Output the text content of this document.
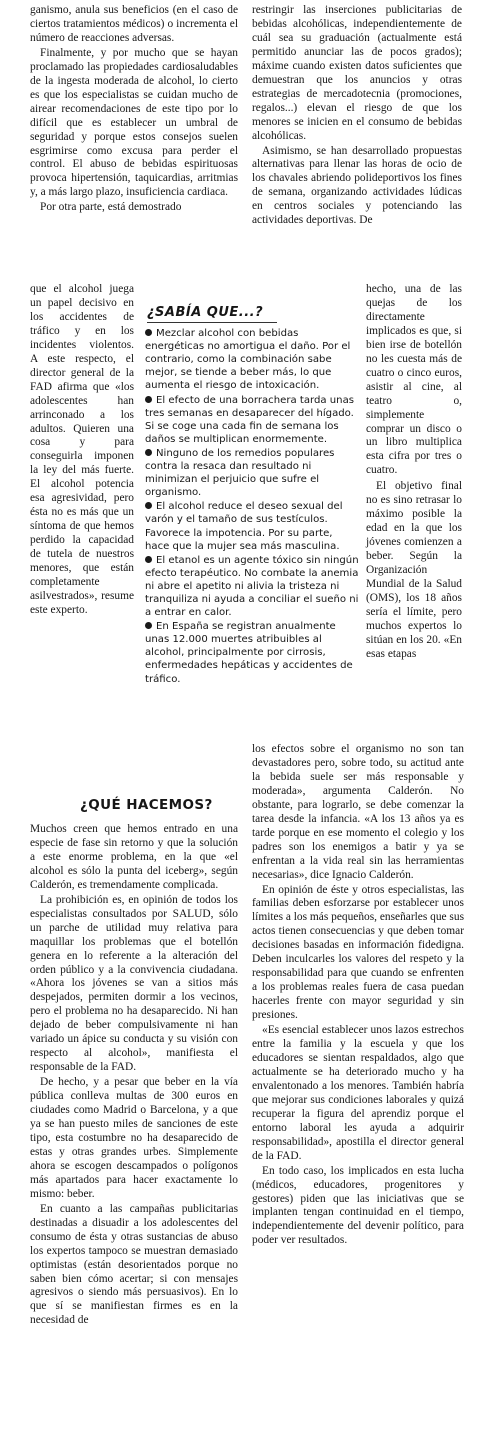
ganismo, anula sus beneficios (en el caso de ciertos tratamientos médicos) o incrementa el número de reacciones adversas.

Finalmente, y por mucho que se hayan proclamado las propiedades cardiosaludables de la ingesta moderada de alcohol, lo cierto es que los especialistas se cuidan mucho de airear recomendaciones de este tipo por lo difícil que es establecer un umbral de seguridad y porque estos consejos suelen esgrimirse como excusa para perder el control. El abuso de bebidas espirituosas provoca hipertensión, taquicardias, arritmias y, a más largo plazo, insuficiencia cardiaca.

Por otra parte, está demostrado

que el alcohol juega un papel decisivo en los accidentes de tráfico y en los incidentes violentos. A este respecto, el director general de la FAD afirma que «los adolescentes han arrinconado a los adultos. Quieren una cosa y para conseguirla imponen la ley del más fuerte. El alcohol potencia esa agresividad, pero ésta no es más que un síntoma de que hemos perdido la capacidad de tutela de nuestros menores, que están completamente asilvestrados», resume este experto.

restringir las inserciones publicitarias de bebidas alcohólicas, independientemente de cuál sea su graduación (actualmente está permitido anunciar las de pocos grados); máxime cuando existen datos suficientes que demuestran que los anuncios y otras estrategias de mercadotecnia (promociones, regalos...) elevan el riesgo de que los menores se inicien en el consumo de bebidas alcohólicas.

Asimismo, se han desarrollado propuestas alternativas para llenar las horas de ocio de los chavales abriendo polideportivos los fines de semana, organizando actividades lúdicas en centros sociales y potenciando las actividades deportivas. De

hecho, una de las quejas de los directamente implicados es que, si bien irse de botellón no les cuesta más de cuatro o cinco euros, asistir al cine, al teatro o, simplemente comprar un disco o un libro multiplica esta cifra por tres o cuatro.
El objetivo final no es sino retrasar lo máximo posible la edad en la que los jóvenes comienzen a beber. Según la Organización Mundial de la Salud (OMS), los 18 años sería el límite, pero muchos expertos lo sitúan en los 20. «En esas etapas
¿SABÍA QUE...?
Mezclar alcohol con bebidas energéticas no amortigua el daño. Por el contrario, como la combinación sabe mejor, se tiende a beber más, lo que aumenta el riesgo de intoxicación.
El efecto de una borrachera tarda unas tres semanas en desaparecer del hígado. Si se coge una cada fin de semana los daños se multiplican enormemente.
Ninguno de los remedios populares contra la resaca dan resultado ni minimizan el perjuicio que sufre el organismo.
El alcohol reduce el deseo sexual del varón y el tamaño de sus testículos. Favorece la impotencia. Por su parte, hace que la mujer sea más masculina.
El etanol es un agente tóxico sin ningún efecto terapéutico. No combate la anemia ni abre el apetito ni alivia la tristeza ni tranquiliza ni ayuda a conciliar el sueño ni a entrar en calor.
En España se registran anualmente unas 12.000 muertes atribuibles al alcohol, principalmente por cirrosis, enfermedades hepáticas y accidentes de tráfico.
¿QUÉ HACEMOS?

Muchos creen que hemos entrado en una especie de fase sin retorno y que la solución a este enorme problema, en la que «el alcohol es sólo la punta del iceberg», según Calderón, es tremendamente complicada.

La prohibición es, en opinión de todos los especialistas consultados por SALUD, sólo un parche de utilidad muy relativa para maquillar los problemas que el botellón genera en lo referente a la alteración del orden público y a la convivencia ciudadana. «Ahora los jóvenes se van a sitios más despejados, permiten dormir a los vecinos, pero el problema no ha desaparecido. Ni han dejado de beber compulsivamente ni han variado un ápice su conducta y su visión con respecto al alcohol», manifiesta el responsable de la FAD.

De hecho, y a pesar que beber en la vía pública conlleva multas de 300 euros en ciudades como Madrid o Barcelona, y a que ya se han puesto miles de sanciones de este tipo, esta costumbre no ha desaparecido de estas y otras grandes urbes. Simplemente ahora se escogen descampados o polígonos más apartados para hacer exactamente lo mismo: beber.

En cuanto a las campañas publicitarias destinadas a disuadir a los adolescentes del consumo de ésta y otras sustancias de abuso los expertos tampoco se muestran demasiado optimistas (están desorientados porque no saben bien cómo acertar; si con mensajes agresivos o siendo más persuasivos). En lo que sí se manifiestan firmes es en la necesidad de

los efectos sobre el organismo no son tan devastadores pero, sobre todo, su actitud ante la bebida suele ser más responsable y moderada», argumenta Calderón. No obstante, para lograrlo, se debe comenzar la tarea desde la infancia. «A los 13 años ya es tarde porque en ese momento el colegio y los padres son los enemigos a batir y ya se enfrentan a la vida real sin las herramientas necesarias», dice Ignacio Calderón.

En opinión de éste y otros especialistas, las familias deben esforzarse por establecer unos límites a los más pequeños, enseñarles que sus actos tienen consecuencias y que deben tomar decisiones basadas en información fidedigna. Deben inculcarles los valores del respeto y la responsabilidad para que cuando se enfrenten a los problemas reales fuera de casa puedan hacerles frente con mayor seguridad y sin presiones.

«Es esencial establecer unos lazos estrechos entre la familia y la escuela y que los educadores se sientan respaldados, algo que actualmente se ha deteriorado mucho y ha envalentonado a los menores. También habría que mejorar sus condiciones laborales y quizá recuperar la figura del aprendiz porque el entorno laboral les ayuda a adquirir responsabilidad», apostilla el director general de la FAD.

En todo caso, los implicados en esta lucha (médicos, educadores, progenitores y gestores) piden que las iniciativas que se implanten tengan continuidad en el tiempo, independientemente del devenir político, para poder ver resultados.
